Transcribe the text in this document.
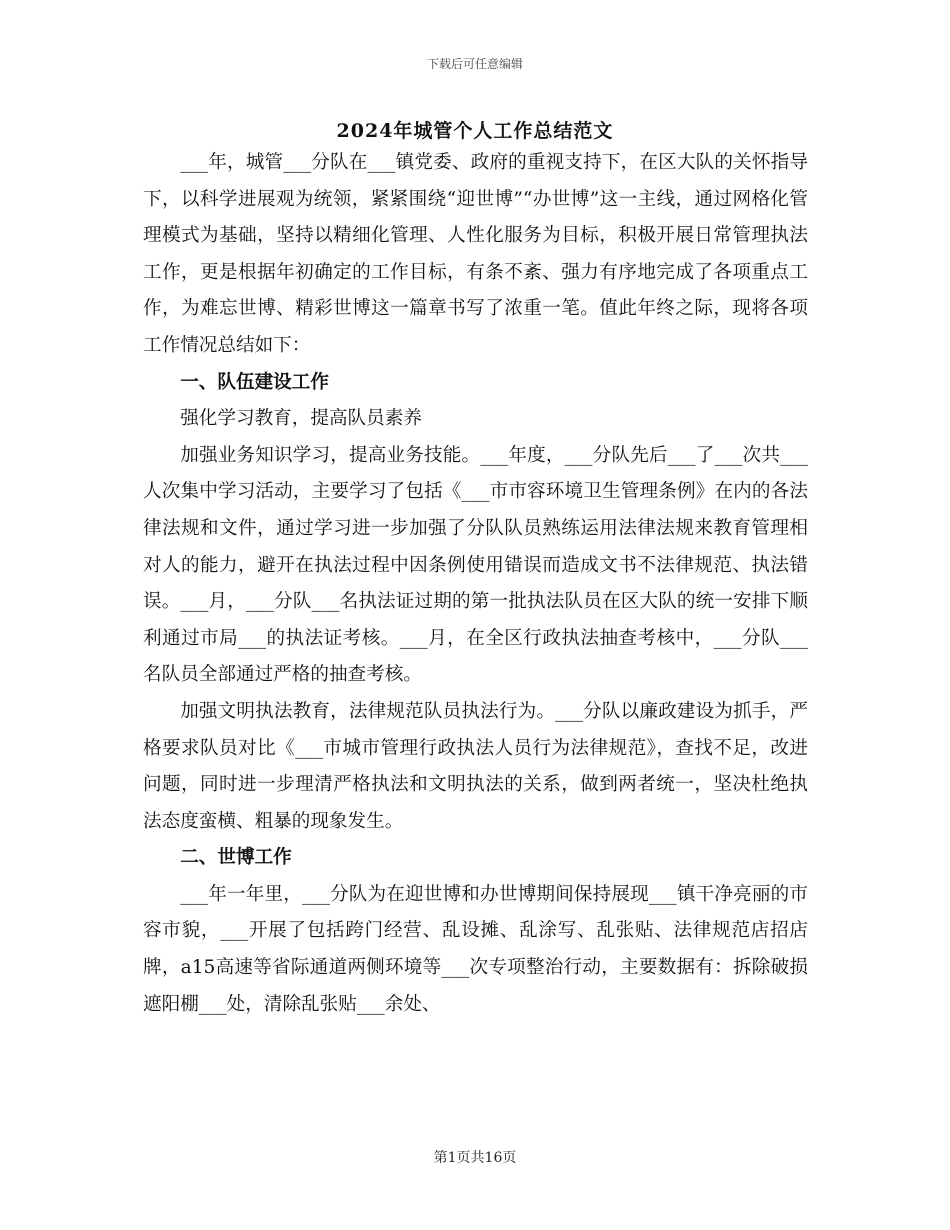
下载后可任意编辑
2024年城管个人工作总结范文

___年，城管___分队在___镇党委、政府的重视支持下，在区大队的关怀指导下，以科学进展观为统领，紧紧围绕“迎世博”“办世博”这一主线，通过网格化管理模式为基础，坚持以精细化管理、人性化服务为目标，积极开展日常管理执法工作，更是根据年初确定的工作目标，有条不紊、强力有序地完成了各项重点工作，为难忘世博、精彩世博这一篇章书写了浓重一笔。值此年终之际，现将各项工作情况总结如下：

一、队伍建设工作

强化学习教育，提高队员素养

加强业务知识学习，提高业务技能。___年度，___分队先后___了___次共___人次集中学习活动，主要学习了包括《___市市容环境卫生管理条例》在内的各法律法规和文件，通过学习进一步加强了分队队员熟练运用法律法规来教育管理相对人的能力，避开在执法过程中因条例使用错误而造成文书不法律规范、执法错误。___月，___分队___名执法证过期的第一批执法队员在区大队的统一安排下顺利通过市局___的执法证考核。___月，在全区行政执法抽查考核中，___分队___名队员全部通过严格的抽查考核。

加强文明执法教育，法律规范队员执法行为。___分队以廉政建设为抓手，严格要求队员对比《___市城市管理行政执法人员行为法律规范》，查找不足，改进问题，同时进一步理清严格执法和文明执法的关系，做到两者统一，坚决杜绝执法态度蛮横、粗暴的现象发生。

二、世博工作

___年一年里，___分队为在迎世博和办世博期间保持展现___镇干净亮丽的市容市貌，___开展了包括跨门经营、乱设摊、乱涂写、乱张贴、法律规范店招店牌，a15高速等省际通道两侧环境等___次专项整治行动，主要数据有：拆除破损遮阳棚___处，清除乱张贴___余处、

第1页共16页
